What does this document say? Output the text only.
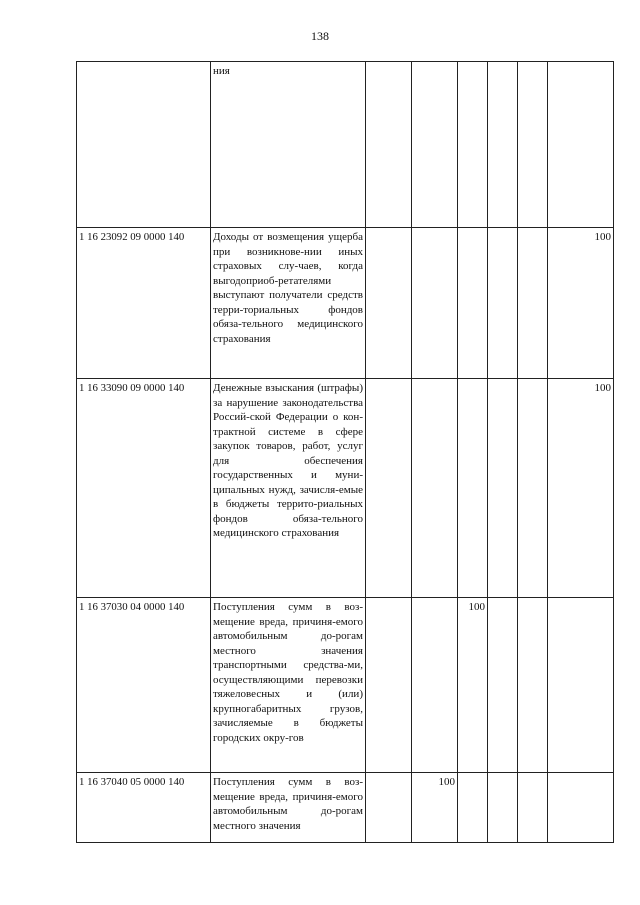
138
	ния						
1 16 23092 09 0000 140	Доходы от возмещения ущерба при возникнове-нии иных страховых слу-чаев, когда выгодоприоб-ретателями выступают получатели средств терри-ториальных фондов обяза-тельного медицинского страхования						100
1 16 33090 09 0000 140	Денежные взыскания (штрафы) за нарушение законодательства Россий-ской Федерации о кон-трактной системе в сфере закупок товаров, работ, услуг для обеспечения государственных и муни-ципальных нужд, зачисля-емые в бюджеты террито-риальных фондов обяза-тельного медицинского страхования						100
1 16 37030 04 0000 140	Поступления сумм в воз-мещение вреда, причиня-емого автомобильным до-рогам местного значения транспортными средства-ми, осуществляющими перевозки тяжеловесных и (или) крупногабаритных грузов, зачисляемые в бюджеты городских окру-гов			100			
1 16 37040 05 0000 140	Поступления сумм в воз-мещение вреда, причиня-емого автомобильным до-рогам местного значения		100				
